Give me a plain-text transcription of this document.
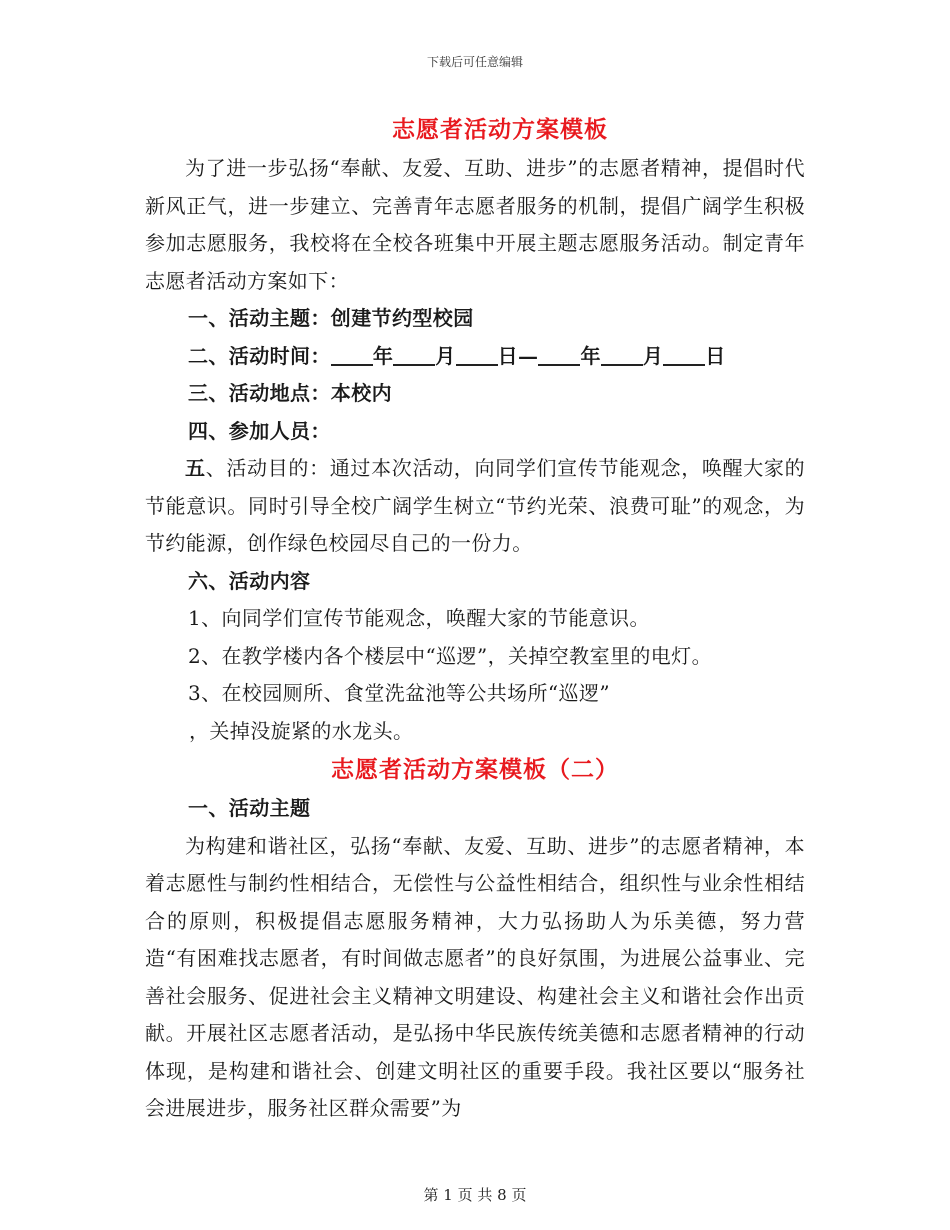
下载后可任意编辑
志愿者活动方案模板

为了进一步弘扬“奉献、友爱、互助、进步”的志愿者精神，提倡时代新风正气，进一步建立、完善青年志愿者服务的机制，提倡广阔学生积极参加志愿服务，我校将在全校各班集中开展主题志愿服务活动。制定青年志愿者活动方案如下：

一、活动主题：创建节约型校园

二、活动时间： 年 月 日— 年 月 日

三、活动地点：本校内

四、参加人员：

五、活动目的：通过本次活动，向同学们宣传节能观念，唤醒大家的节能意识。同时引导全校广阔学生树立“节约光荣、浪费可耻”的观念，为节约能源，创作绿色校园尽自己的一份力。

六、活动内容

1、向同学们宣传节能观念，唤醒大家的节能意识。

2、在教学楼内各个楼层中“巡逻”，关掉空教室里的电灯。

3、在校园厕所、食堂洗盆池等公共场所“巡逻”

，关掉没旋紧的水龙头。

志愿者活动方案模板（二）

一、活动主题

为构建和谐社区，弘扬“奉献、友爱、互助、进步”的志愿者精神，本着志愿性与制约性相结合，无偿性与公益性相结合，组织性与业余性相结合的原则，积极提倡志愿服务精神，大力弘扬助人为乐美德，努力营造“有困难找志愿者，有时间做志愿者”的良好氛围，为进展公益事业、完善社会服务、促进社会主义精神文明建设、构建社会主义和谐社会作出贡献。开展社区志愿者活动，是弘扬中华民族传统美德和志愿者精神的行动体现，是构建和谐社会、创建文明社区的重要手段。我社区要以“服务社会进展进步，服务社区群众需要”为

第 1 页 共 8 页
